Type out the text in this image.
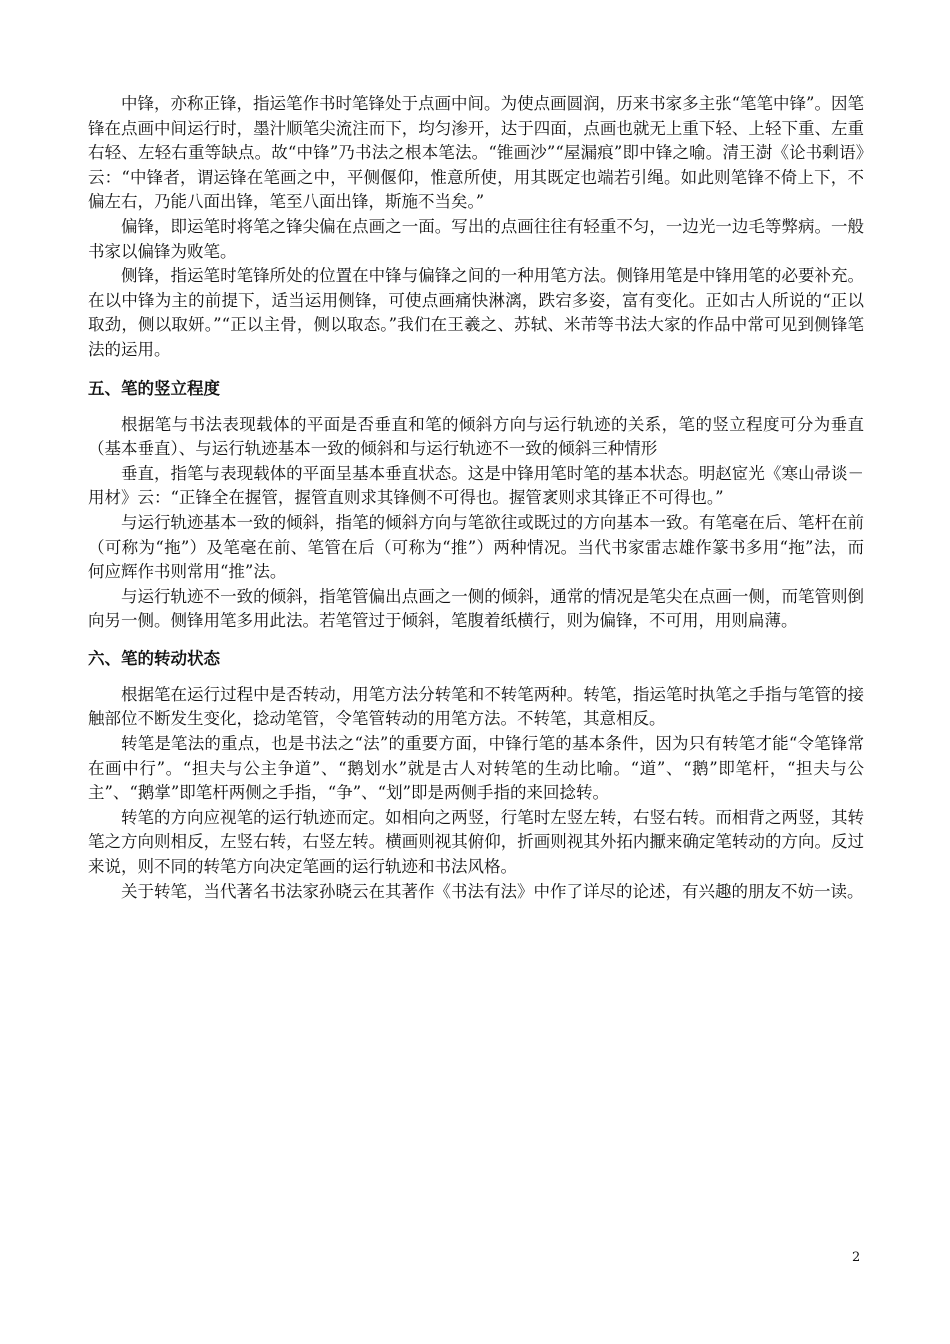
中锋，亦称正锋，指运笔作书时笔锋处于点画中间。为使点画圆润，历来书家多主张“笔笔中锋”。因笔锋在点画中间运行时，墨汁顺笔尖流注而下，均匀渗开，达于四面，点画也就无上重下轻、上轻下重、左重右轻、左轻右重等缺点。故“中锋”乃书法之根本笔法。“锥画沙”“屋漏痕”即中锋之喻。清王澍《论书剩语》云：“中锋者，谓运锋在笔画之中，平侧偃仰，惟意所使，用其既定也端若引绳。如此则笔锋不倚上下，不偏左右，乃能八面出锋，笔至八面出锋，斯施不当矣。”

偏锋，即运笔时将笔之锋尖偏在点画之一面。写出的点画往往有轻重不匀，一边光一边毛等弊病。一般书家以偏锋为败笔。

侧锋，指运笔时笔锋所处的位置在中锋与偏锋之间的一种用笔方法。侧锋用笔是中锋用笔的必要补充。在以中锋为主的前提下，适当运用侧锋，可使点画痛快淋漓，跌宕多姿，富有变化。正如古人所说的“正以取劲，侧以取妍。”“正以主骨，侧以取态。”我们在王羲之、苏轼、米芾等书法大家的作品中常可见到侧锋笔法的运用。

五、笔的竖立程度

根据笔与书法表现载体的平面是否垂直和笔的倾斜方向与运行轨迹的关系，笔的竖立程度可分为垂直（基本垂直）、与运行轨迹基本一致的倾斜和与运行轨迹不一致的倾斜三种情形

垂直，指笔与表现载体的平面呈基本垂直状态。这是中锋用笔时笔的基本状态。明赵宧光《寒山帚谈－用材》云：“正锋全在握管，握管直则求其锋侧不可得也。握管衺则求其锋正不可得也。”

与运行轨迹基本一致的倾斜，指笔的倾斜方向与笔欲往或既过的方向基本一致。有笔毫在后、笔杆在前（可称为“拖”）及笔毫在前、笔管在后（可称为“推”）两种情况。当代书家雷志雄作篆书多用“拖”法，而何应辉作书则常用“推”法。

与运行轨迹不一致的倾斜，指笔管偏出点画之一侧的倾斜，通常的情况是笔尖在点画一侧，而笔管则倒向另一侧。侧锋用笔多用此法。若笔管过于倾斜，笔腹着纸横行，则为偏锋，不可用，用则扁薄。

六、笔的转动状态

根据笔在运行过程中是否转动，用笔方法分转笔和不转笔两种。转笔，指运笔时执笔之手指与笔管的接触部位不断发生变化，捻动笔管，令笔管转动的用笔方法。不转笔，其意相反。

转笔是笔法的重点，也是书法之“法”的重要方面，中锋行笔的基本条件，因为只有转笔才能“令笔锋常在画中行”。“担夫与公主争道”、“鹅划水”就是古人对转笔的生动比喻。“道”、“鹅”即笔杆，“担夫与公主”、“鹅掌”即笔杆两侧之手指，“争”、“划”即是两侧手指的来回捻转。

转笔的方向应视笔的运行轨迹而定。如相向之两竖，行笔时左竖左转，右竖右转。而相背之两竖，其转笔之方向则相反，左竖右转，右竖左转。横画则视其俯仰，折画则视其外拓内擫来确定笔转动的方向。反过来说，则不同的转笔方向决定笔画的运行轨迹和书法风格。

关于转笔，当代著名书法家孙晓云在其著作《书法有法》中作了详尽的论述，有兴趣的朋友不妨一读。

2
